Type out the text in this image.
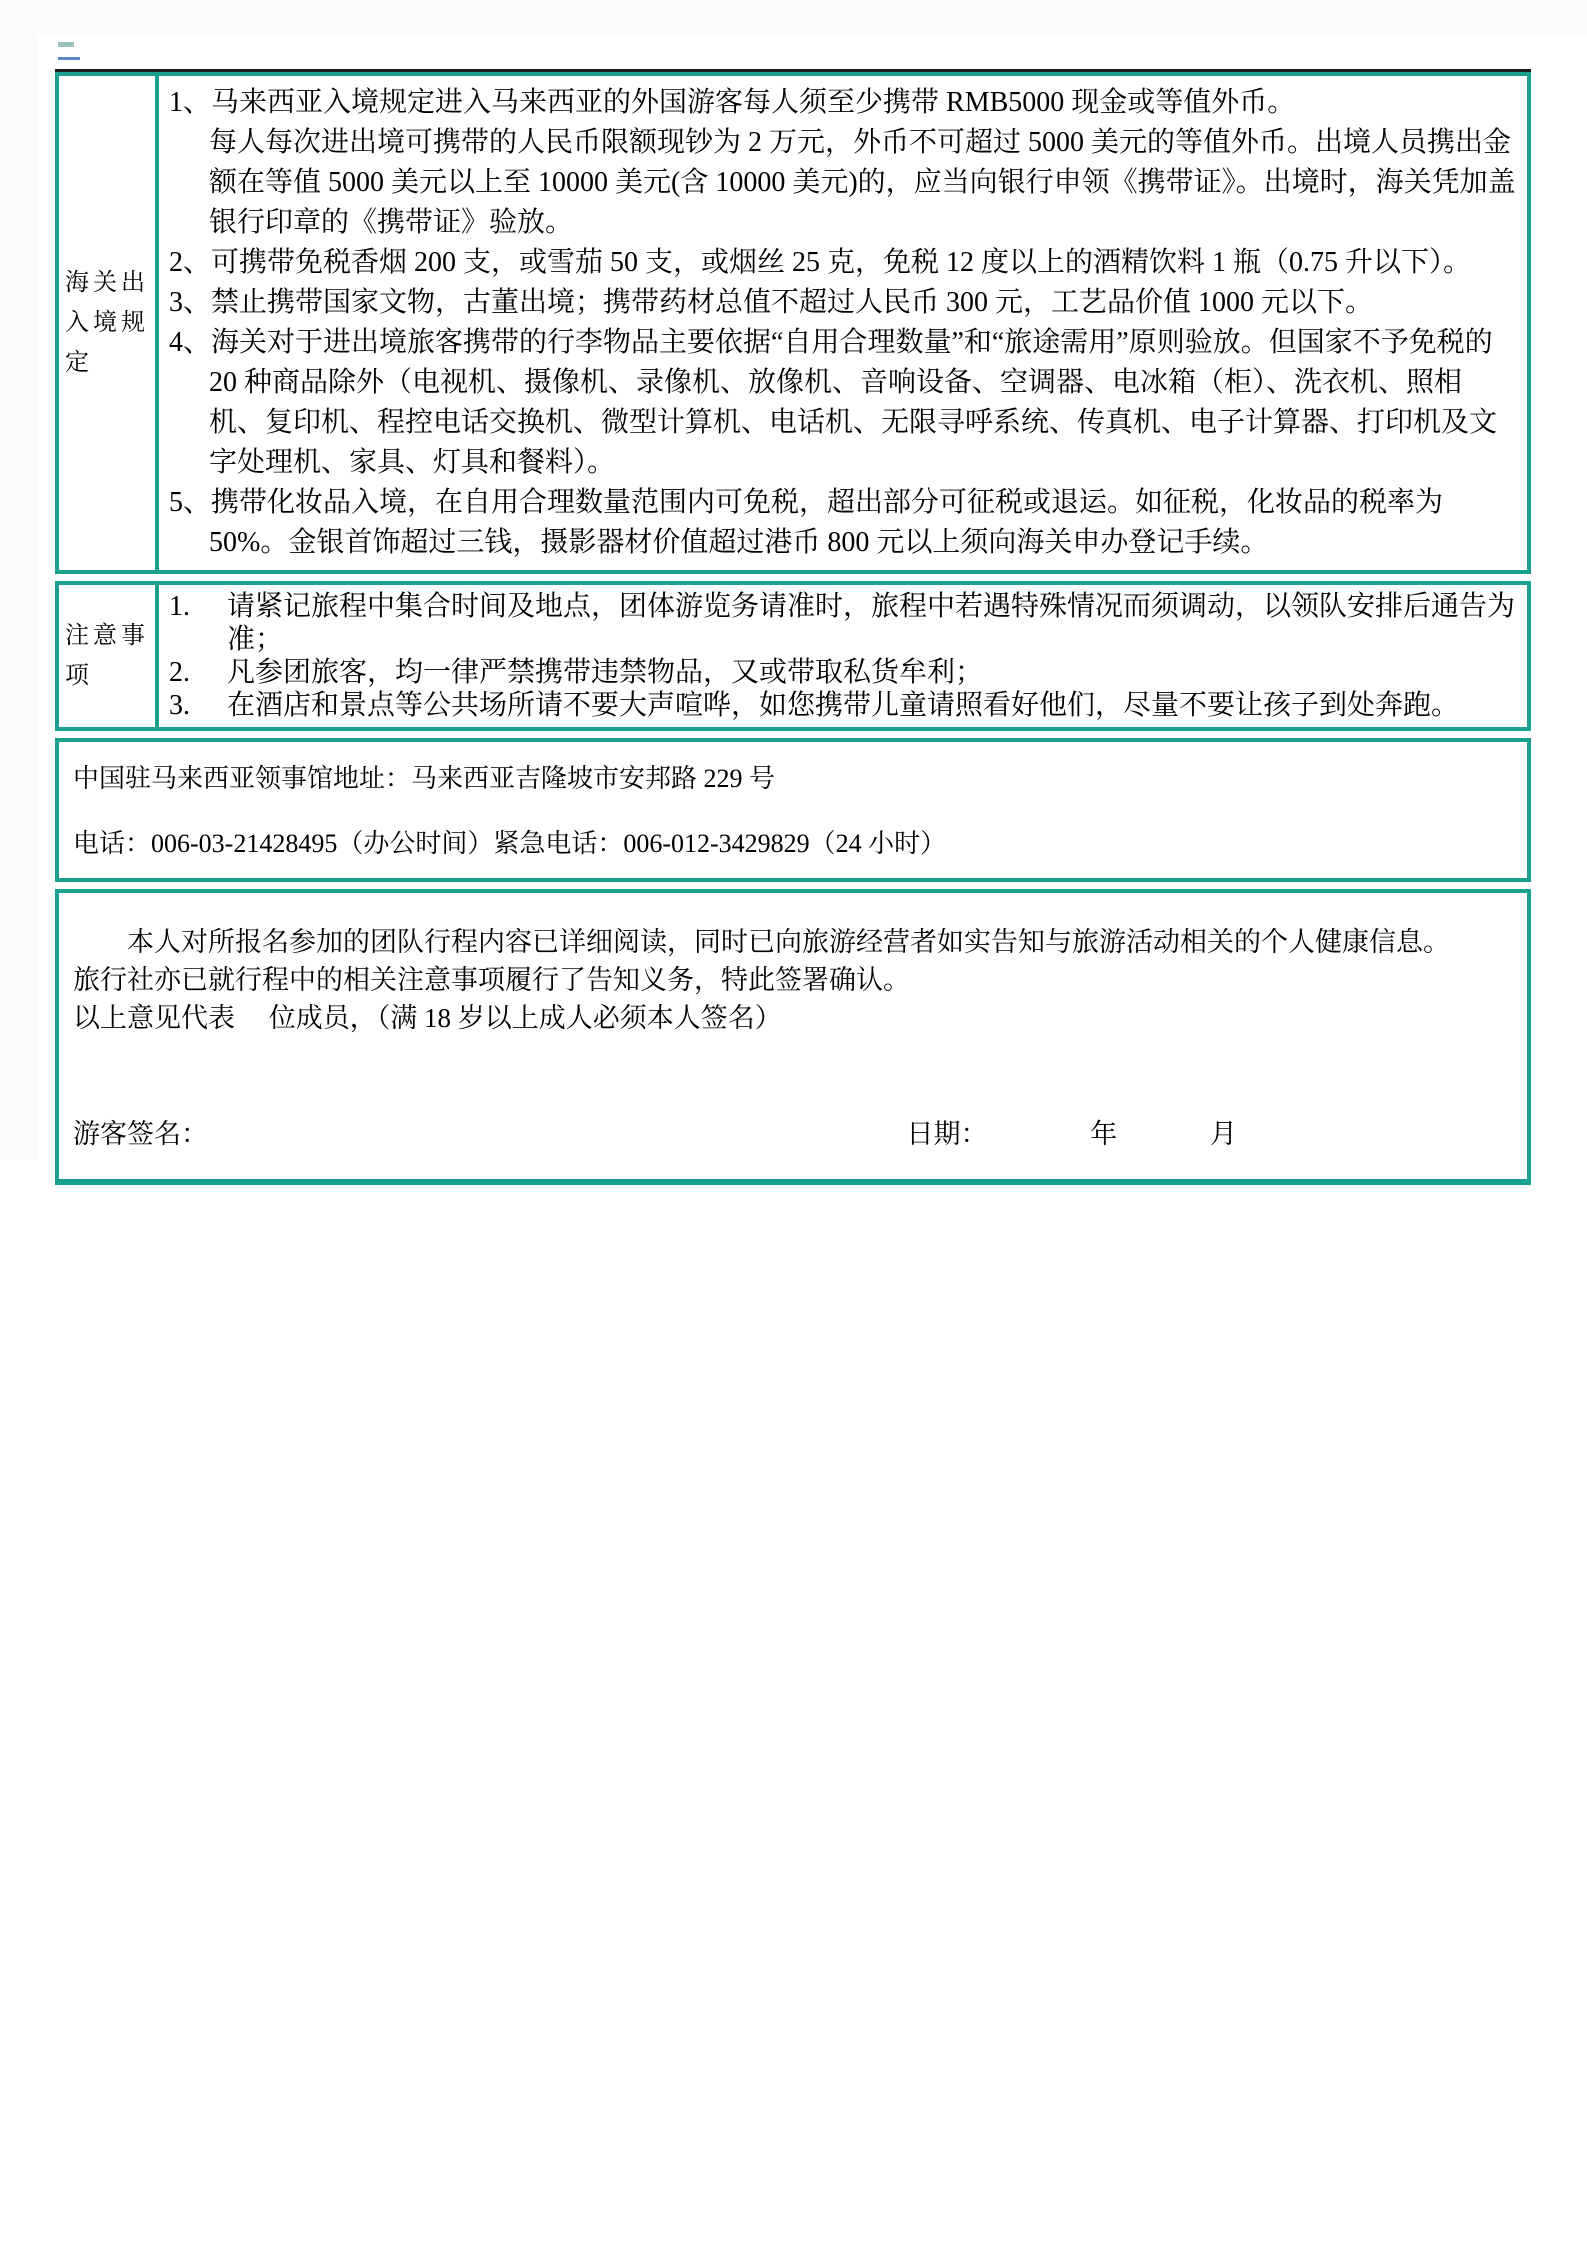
海关出入境规定
1、马来西亚入境规定进入马来西亚的外国游客每人须至少携带 RMB5000 现金或等值外币。
每人每次进出境可携带的人民币限额现钞为 2 万元，外币不可超过 5000 美元的等值外币。出境人员携出金额在等值 5000 美元以上至 10000 美元(含 10000 美元)的，应当向银行申领《携带证》。出境时，海关凭加盖银行印章的《携带证》验放。
2、可携带免税香烟 200 支，或雪茄 50 支，或烟丝 25 克，免税 12 度以上的酒精饮料 1 瓶（0.75 升以下）。
3、禁止携带国家文物，古董出境；携带药材总值不超过人民币 300 元，工艺品价值 1000 元以下。
4、海关对于进出境旅客携带的行李物品主要依据“自用合理数量”和“旅途需用”原则验放。但国家不予免税的 20 种商品除外（电视机、摄像机、录像机、放像机、音响设备、空调器、电冰箱（柜）、洗衣机、照相机、复印机、程控电话交换机、微型计算机、电话机、无限寻呼系统、传真机、电子计算器、打印机及文字处理机、家具、灯具和餐料）。
5、携带化妆品入境，在自用合理数量范围内可免税，超出部分可征税或退运。如征税，化妆品的税率为 50%。金银首饰超过三钱，摄影器材价值超过港币 800 元以上须向海关申办登记手续。
注意事项
1. 请紧记旅程中集合时间及地点，团体游览务请准时，旅程中若遇特殊情况而须调动，以领队安排后通告为准；
2. 凡参团旅客，均一律严禁携带违禁物品，又或带取私货牟利；
3. 在酒店和景点等公共场所请不要大声喧哗，如您携带儿童请照看好他们，尽量不要让孩子到处奔跑。

中国驻马来西亚领事馆地址：马来西亚吉隆坡市安邦路 229 号

电话：006-03-21428495（办公时间）紧急电话：006-012-3429829（24 小时）

本人对所报名参加的团队行程内容已详细阅读，同时已向旅游经营者如实告知与旅游活动相关的个人健康信息。

旅行社亦已就行程中的相关注意事项履行了告知义务，特此签署确认。

以上意见代表　 位成员，（满 18 岁以上成人必须本人签名）

游客签名：	日期：	年	月
